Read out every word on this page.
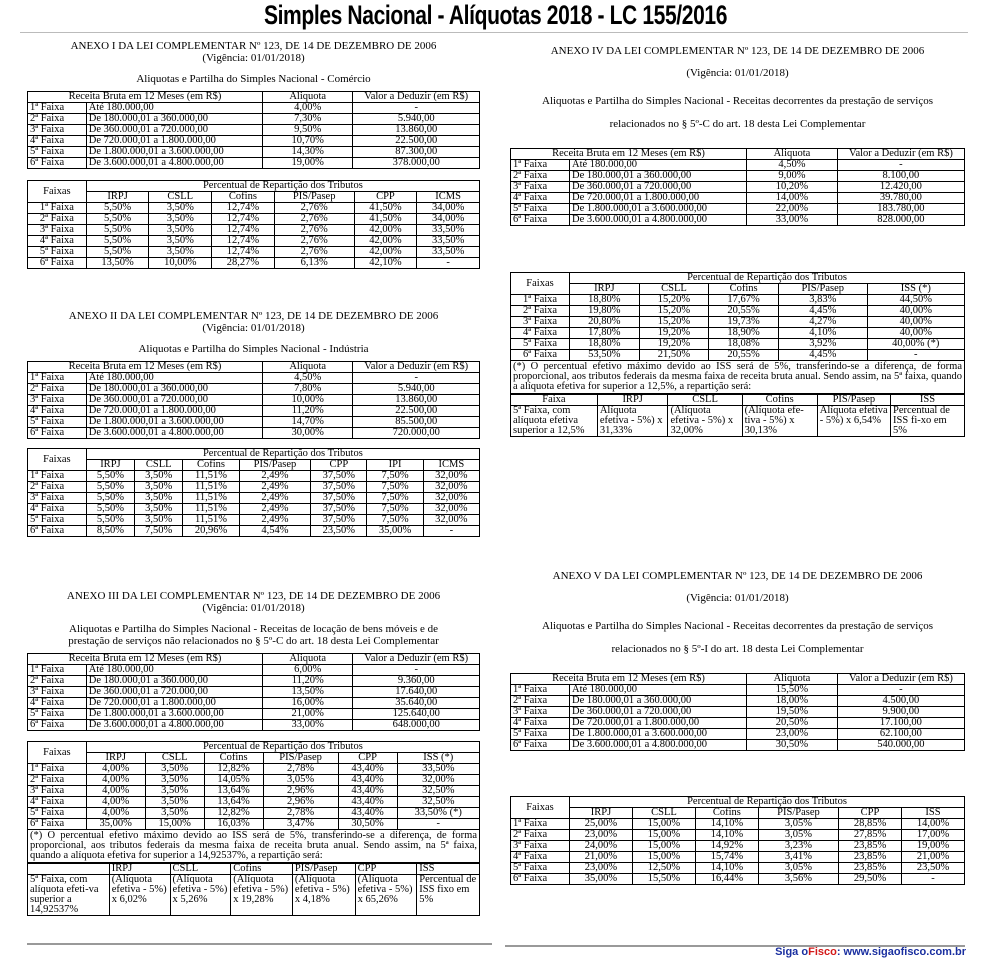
Simples Nacional - Alíquotas 2018 - LC 155/2016
ANEXO I DA LEI COMPLEMENTAR Nº 123, DE 14 DE DEZEMBRO DE 2006
(Vigência: 01/01/2018)
Aliquotas e Partilha do Simples Nacional - Comércio
Receita Bruta em 12 Meses (em R$)		Aliquota	Valor a Deduzir (em R$)
1ª Faixa	Até 180.000,00	4,00%	-
2ª Faixa	De 180.000,01 a 360.000,00	7,30%	5.940,00
3ª Faixa	De 360.000,01 a 720.000,00	9,50%	13.860,00
4ª Faixa	De 720.000,01 a 1.800.000,00	10,70%	22.500,00
5ª Faixa	De 1.800.000,01 a 3.600.000,00	14,30%	87.300,00
6ª Faixa	De 3.600.000,01 a 4.800.000,00	19,00%	378.000,00
Faixas	Percentual de Repartição dos Tributos					
	IRPJ	CSLL	Cofins	PIS/Pasep	CPP	ICMS
1ª Faixa	5,50%	3,50%	12,74%	2,76%	41,50%	34,00%
2ª Faixa	5,50%	3,50%	12,74%	2,76%	41,50%	34,00%
3ª Faixa	5,50%	3,50%	12,74%	2,76%	42,00%	33,50%
4ª Faixa	5,50%	3,50%	12,74%	2,76%	42,00%	33,50%
5ª Faixa	5,50%	3,50%	12,74%	2,76%	42,00%	33,50%
6ª Faixa	13,50%	10,00%	28,27%	6,13%	42,10%	-
ANEXO II DA LEI COMPLEMENTAR Nº 123, DE 14 DE DEZEMBRO DE 2006
(Vigência: 01/01/2018)
Aliquotas e Partilha do Simples Nacional - Indústria
Receita Bruta em 12 Meses (em R$)		Aliquota	Valor a Deduzir (em R$)
1ª Faixa	Até 180.000,00	4,50%	-
2ª Faixa	De 180.000,01 a 360.000,00	7,80%	5.940,00
3ª Faixa	De 360.000,01 a 720.000,00	10,00%	13.860,00
4ª Faixa	De 720.000,01 a 1.800.000,00	11,20%	22.500,00
5ª Faixa	De 1.800.000,01 a 3.600.000,00	14,70%	85.500,00
6ª Faixa	De 3.600.000,01 a 4.800.000,00	30,00%	720.000,00
Faixas	Percentual de Repartição dos Tributos						
	IRPJ	CSLL	Cofins	PIS/Pasep	CPP	IPI	ICMS
1ª Faixa	5,50%	3,50%	11,51%	2,49%	37,50%	7,50%	32,00%
2ª Faixa	5,50%	3,50%	11,51%	2,49%	37,50%	7,50%	32,00%
3ª Faixa	5,50%	3,50%	11,51%	2,49%	37,50%	7,50%	32,00%
4ª Faixa	5,50%	3,50%	11,51%	2,49%	37,50%	7,50%	32,00%
5ª Faixa	5,50%	3,50%	11,51%	2,49%	37,50%	7,50%	32,00%
6ª Faixa	8,50%	7,50%	20,96%	4,54%	23,50%	35,00%	-
ANEXO III DA LEI COMPLEMENTAR Nº 123, DE 14 DE DEZEMBRO DE 2006
(Vigência: 01/01/2018)
Aliquotas e Partilha do Simples Nacional - Receitas de locação de bens móveis e de prestação de serviços não relacionados no § 5º-C do art. 18 desta Lei Complementar
Receita Bruta em 12 Meses (em R$)		Aliquota	Valor a Deduzir (em R$)
1ª Faixa	Até 180.000,00	6,00%	-
2ª Faixa	De 180.000,01 a 360.000,00	11,20%	9.360,00
3ª Faixa	De 360.000,01 a 720.000,00	13,50%	17.640,00
4ª Faixa	De 720.000,01 a 1.800.000,00	16,00%	35.640,00
5ª Faixa	De 1.800.000,01 a 3.600.000,00	21,00%	125.640,00
6ª Faixa	De 3.600.000,01 a 4.800.000,00	33,00%	648.000,00
Faixas	Percentual de Repartição dos Tributos					
	IRPJ	CSLL	Cofins	PIS/Pasep	CPP	ISS (*)
1ª Faixa	4,00%	3,50%	12,82%	2,78%	43,40%	33,50%
2ª Faixa	4,00%	3,50%	14,05%	3,05%	43,40%	32,00%
3ª Faixa	4,00%	3,50%	13,64%	2,96%	43,40%	32,50%
4ª Faixa	4,00%	3,50%	13,64%	2,96%	43,40%	32,50%
5ª Faixa	4,00%	3,50%	12,82%	2,78%	43,40%	33,50% (*)
6ª Faixa	35,00%	15,00%	16,03%	3,47%	30,50%	-
(*) O percentual efetivo máximo devido ao ISS será de 5%, transferindo-se a diferença, de forma proporcional, aos tributos federais da mesma faixa de receita bruta anual. Sendo assim, na 5ª faixa, quando a alíquota efetiva for superior a 14,92537%, a repartição será:
	IRPJ	CSLL	Cofins	PIS/Pasep	CPP	ISS
5ª Faixa, com alíquota efeti-va superior a 14,92537%	(Alíquota efetiva - 5%) x 6,02%	(Alíquota efetiva - 5%) x 5,26%	(Alíquota efetiva - 5%) x 19,28%	(Alíquota efetiva - 5%) x 4,18%	(Alíquota efetiva - 5%) x 65,26%	Percentual de ISS fixo em 5%
ANEXO IV DA LEI COMPLEMENTAR Nº 123, DE 14 DE DEZEMBRO DE 2006
(Vigência: 01/01/2018)
Aliquotas e Partilha do Simples Nacional - Receitas decorrentes da prestação de serviços
relacionados no § 5º-C do art. 18 desta Lei Complementar
Receita Bruta em 12 Meses (em R$)		Aliquota	Valor a Deduzir (em R$)
1ª Faixa	Até 180.000,00	4,50%	-
2ª Faixa	De 180.000,01 a 360.000,00	9,00%	8.100,00
3ª Faixa	De 360.000,01 a 720.000,00	10,20%	12.420,00
4ª Faixa	De 720.000,01 a 1.800.000,00	14,00%	39.780,00
5ª Faixa	De 1.800.000,01 a 3.600.000,00	22,00%	183.780,00
6ª Faixa	De 3.600.000,01 a 4.800.000,00	33,00%	828.000,00
Faixas	Percentual de Repartição dos Tributos				
	IRPJ	CSLL	Cofins	PIS/Pasep	ISS (*)
1ª Faixa	18,80%	15,20%	17,67%	3,83%	44,50%
2ª Faixa	19,80%	15,20%	20,55%	4,45%	40,00%
3ª Faixa	20,80%	15,20%	19,73%	4,27%	40,00%
4ª Faixa	17,80%	19,20%	18,90%	4,10%	40,00%
5ª Faixa	18,80%	19,20%	18,08%	3,92%	40,00% (*)
6ª Faixa	53,50%	21,50%	20,55%	4,45%	-
(*) O percentual efetivo máximo devido ao ISS será de 5%, transferindo-se a diferença, de forma proporcional, aos tributos federais da mesma faixa de receita bruta anual. Sendo assim, na 5ª faixa, quando a alíquota efetiva for superior a 12,5%, a repartição será:
Faixa	IRPJ	CSLL	Cofins	PIS/Pasep	ISS
5ª Faixa, com alíquota efetiva superior a 12,5%	Alíquota efetiva - 5%) x 31,33%	(Alíquota efetiva - 5%) x 32,00%	(Alíquota efe-tiva - 5%) x 30,13%	Alíquota efetiva - 5%) x 6,54%	Percentual de ISS fi-xo em 5%
ANEXO V DA LEI COMPLEMENTAR Nº 123, DE 14 DE DEZEMBRO DE 2006
(Vigência: 01/01/2018)
Aliquotas e Partilha do Simples Nacional - Receitas decorrentes da prestação de serviços
relacionados no § 5º-I do art. 18 desta Lei Complementar
Receita Bruta em 12 Meses (em R$)		Aliquota	Valor a Deduzir (em R$)
1ª Faixa	Até 180.000,00	15,50%	-
2ª Faixa	De 180.000,01 a 360.000,00	18,00%	4.500,00
3ª Faixa	De 360.000,01 a 720.000,00	19,50%	9.900,00
4ª Faixa	De 720.000,01 a 1.800.000,00	20,50%	17.100,00
5ª Faixa	De 1.800.000,01 a 3.600.000,00	23,00%	62.100,00
6ª Faixa	De 3.600.000,01 a 4.800.000,00	30,50%	540.000,00
Faixas	Percentual de Repartição dos Tributos					
	IRPJ	CSLL	Cofins	PIS/Pasep	CPP	ISS
1ª Faixa	25,00%	15,00%	14,10%	3,05%	28,85%	14,00%
2ª Faixa	23,00%	15,00%	14,10%	3,05%	27,85%	17,00%
3ª Faixa	24,00%	15,00%	14,92%	3,23%	23,85%	19,00%
4ª Faixa	21,00%	15,00%	15,74%	3,41%	23,85%	21,00%
5ª Faixa	23,00%	12,50%	14,10%	3,05%	23,85%	23,50%
6ª Faixa	35,00%	15,50%	16,44%	3,56%	29,50%	-
Siga oFisco: www.sigaofisco.com.br
